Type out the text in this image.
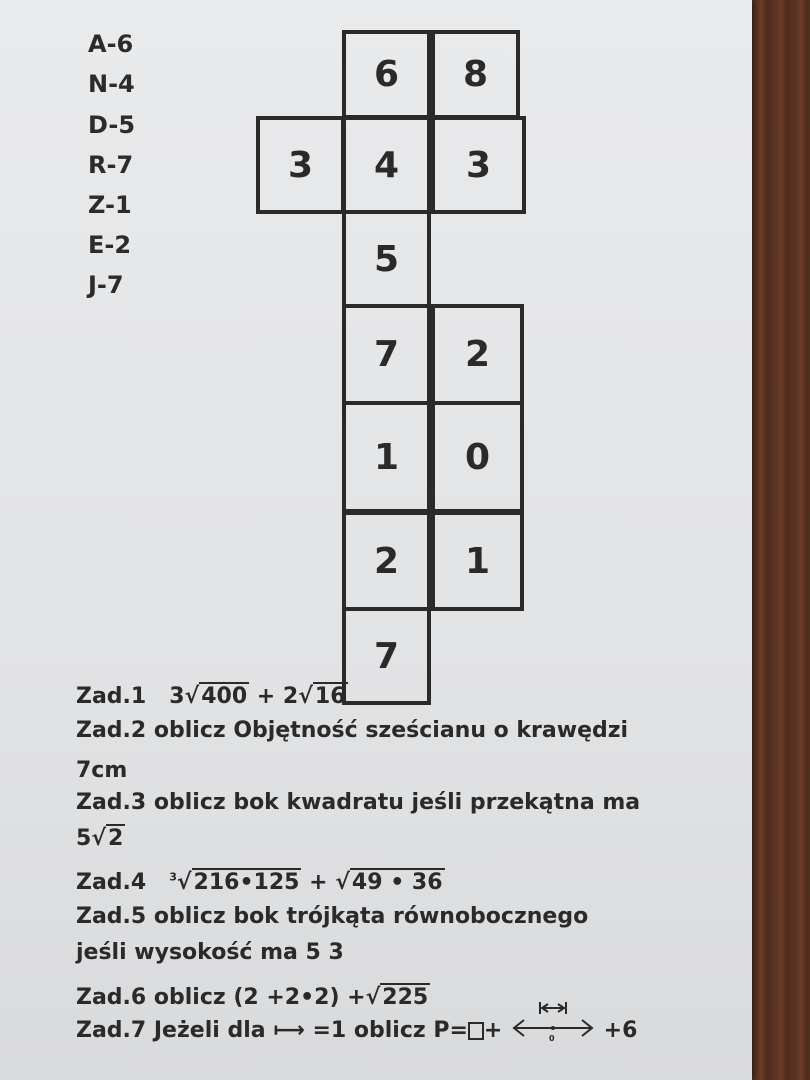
A-6
N-4
D-5
R-7
Z-1
E-2
J-7
6	8
3	4	3
5
7	2
1	0
2	1
7
Zad.1 3√400 + 2√16
Zad.2 oblicz Objętność sześcianu o krawędzi
7cm
Zad.3 oblicz bok kwadratu jeśli przekątna ma
5√2
Zad.4 $^3$√216•125 + √49 • 36
Zad.5 oblicz bok trójkąta równobocznego
jeśli wysokość ma 5 3
Zad.6 oblicz (2 +2•2) +√225
Zad.7 Jeżeli dla ⟼ =1 oblicz P= +	0 +6
